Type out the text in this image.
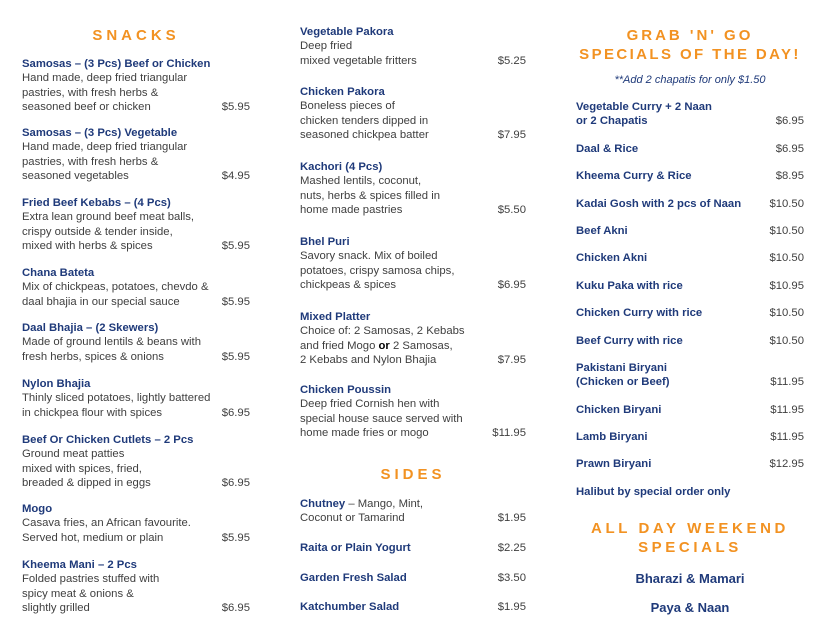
SNACKS
Samosas – (3 Pcs) Beef or Chicken
Hand made, deep fried triangular
pastries, with fresh herbs &
seasoned beef or chicken	$5.95
Samosas – (3 Pcs) Vegetable
Hand made, deep fried triangular
pastries, with fresh herbs &
seasoned vegetables	$4.95
Fried Beef Kebabs – (4 Pcs)
Extra lean ground beef meat balls,
crispy outside & tender inside,
mixed with herbs & spices	$5.95
Chana Bateta
Mix of chickpeas, potatoes, chevdo &
daal bhajia in our special sauce	$5.95
Daal Bhajia – (2 Skewers)
Made of ground lentils & beans with
fresh herbs, spices & onions	$5.95
Nylon Bhajia
Thinly sliced potatoes, lightly battered
in chickpea flour with spices	$6.95
Beef Or Chicken Cutlets – 2 Pcs
Ground meat patties
mixed with spices, fried,
breaded & dipped in eggs	$6.95
Mogo
Casava fries, an African favourite.
Served hot, medium or plain	$5.95
Kheema Mani – 2 Pcs
Folded pastries stuffed with
spicy meat & onions &
slightly grilled	$6.95
Vegetable Pakora
Deep fried
mixed vegetable fritters	$5.25
Chicken Pakora
Boneless pieces of
chicken tenders dipped in
seasoned chickpea batter	$7.95
Kachori (4 Pcs)
Mashed lentils, coconut,
nuts, herbs & spices filled in
home made pastries	$5.50
Bhel Puri
Savory snack. Mix of boiled
potatoes, crispy samosa chips,
chickpeas & spices	$6.95
Mixed Platter
Choice of: 2 Samosas, 2 Kebabs
and fried Mogo or 2 Samosas,
2 Kebabs and Nylon Bhajia	$7.95
Chicken Poussin
Deep fried Cornish hen with
special house sauce served with
home made fries or mogo	$11.95
SIDES
Chutney – Mango, Mint,
Coconut or Tamarind	$1.95
Raita or Plain Yogurt	$2.25
Garden Fresh Salad	$3.50
Katchumber Salad	$1.95
GRAB 'N' GO
SPECIALS OF THE DAY!
**Add 2 chapatis for only $1.50
Vegetable Curry + 2 Naan
or 2 Chapatis	$6.95
Daal & Rice	$6.95
Kheema Curry & Rice	$8.95
Kadai Gosh with 2 pcs of Naan	$10.50
Beef Akni	$10.50
Chicken Akni	$10.50
Kuku Paka with rice	$10.95
Chicken Curry with rice	$10.50
Beef Curry with rice	$10.50
Pakistani Biryani
(Chicken or Beef)	$11.95
Chicken Biryani	$11.95
Lamb Biryani	$11.95
Prawn Biryani	$12.95
Halibut by special order only
ALL DAY WEEKEND
SPECIALS
Bharazi & Mamari
Paya & Naan
